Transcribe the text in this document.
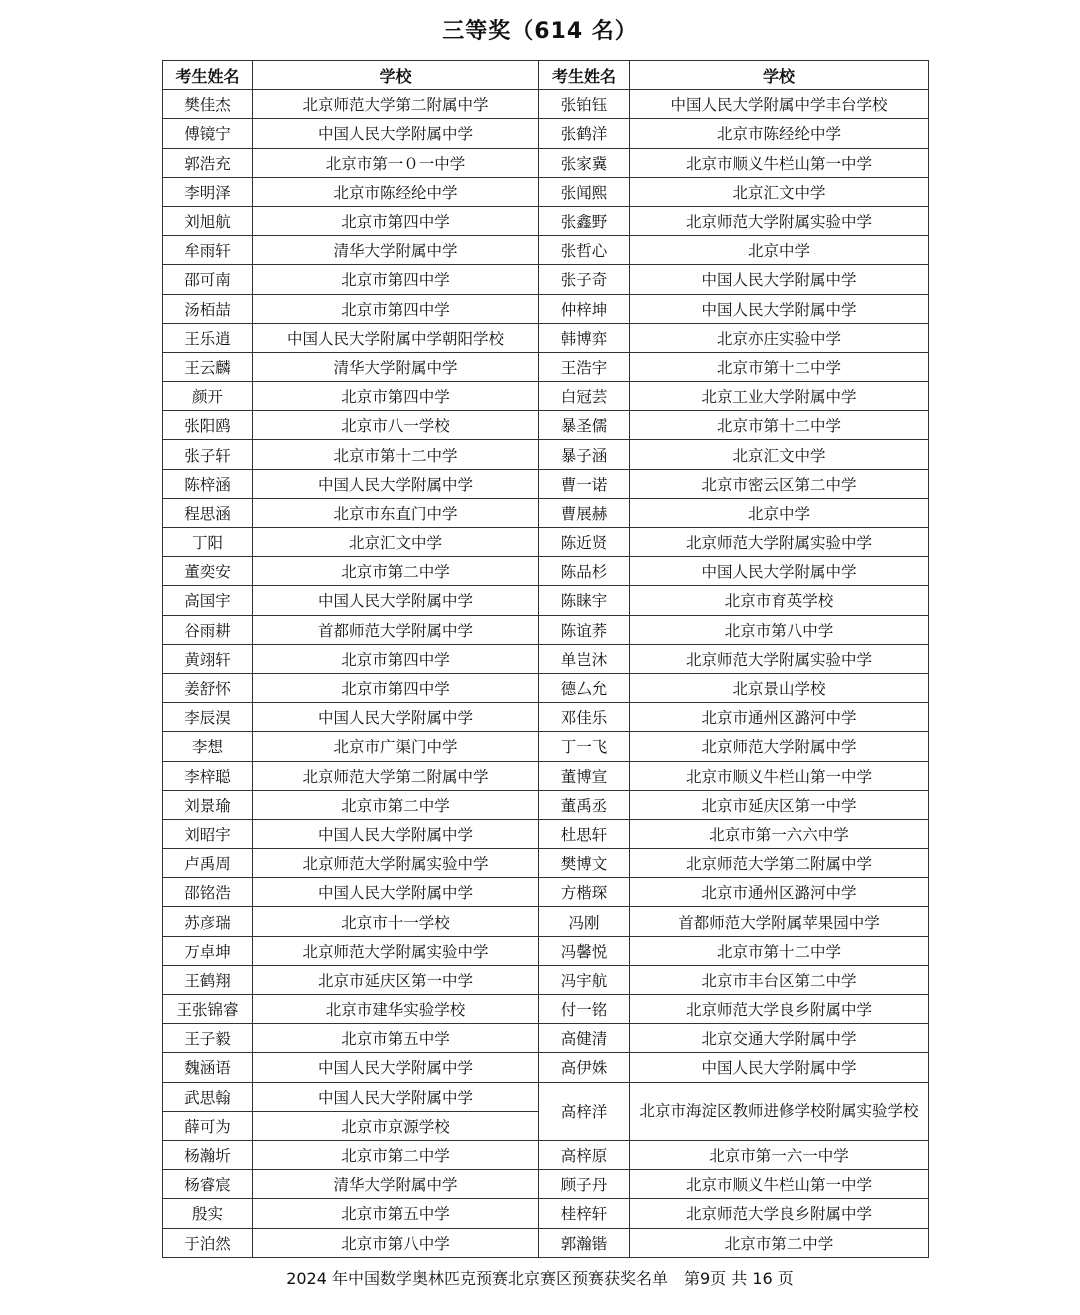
三等奖（614 名）
考生姓名	学校	考生姓名	学校
樊佳杰	北京师范大学第二附属中学	张铂钰	中国人民大学附属中学丰台学校
傅镜宁	中国人民大学附属中学	张鹤洋	北京市陈经纶中学
郭浩充	北京市第一０一中学	张家冀	北京市顺义牛栏山第一中学
李明泽	北京市陈经纶中学	张闻熙	北京汇文中学
刘旭航	北京市第四中学	张鑫野	北京师范大学附属实验中学
牟雨轩	清华大学附属中学	张哲心	北京中学
邵可南	北京市第四中学	张子奇	中国人民大学附属中学
汤栢喆	北京市第四中学	仲梓坤	中国人民大学附属中学
王乐逍	中国人民大学附属中学朝阳学校	韩博弈	北京亦庄实验中学
王云麟	清华大学附属中学	王浩宇	北京市第十二中学
颜开	北京市第四中学	白冠芸	北京工业大学附属中学
张阳鸥	北京市八一学校	暴圣儒	北京市第十二中学
张子轩	北京市第十二中学	暴子涵	北京汇文中学
陈梓涵	中国人民大学附属中学	曹一诺	北京市密云区第二中学
程思涵	北京市东直门中学	曹展赫	北京中学
丁阳	北京汇文中学	陈近贤	北京师范大学附属实验中学
董奕安	北京市第二中学	陈品杉	中国人民大学附属中学
高国宇	中国人民大学附属中学	陈睐宇	北京市育英学校
谷雨耕	首都师范大学附属中学	陈谊荞	北京市第八中学
黄翊轩	北京市第四中学	单岂沐	北京师范大学附属实验中学
姜舒怀	北京市第四中学	德厶允	北京景山学校
李辰淏	中国人民大学附属中学	邓佳乐	北京市通州区潞河中学
李想	北京市广渠门中学	丁一飞	北京师范大学附属中学
李梓聪	北京师范大学第二附属中学	董博宣	北京市顺义牛栏山第一中学
刘景瑜	北京市第二中学	董禹丞	北京市延庆区第一中学
刘昭宇	中国人民大学附属中学	杜思轩	北京市第一六六中学
卢禹周	北京师范大学附属实验中学	樊博文	北京师范大学第二附属中学
邵铭浩	中国人民大学附属中学	方楷琛	北京市通州区潞河中学
苏彦瑞	北京市十一学校	冯刚	首都师范大学附属苹果园中学
万卓坤	北京师范大学附属实验中学	冯馨悦	北京市第十二中学
王鹤翔	北京市延庆区第一中学	冯宇航	北京市丰台区第二中学
王张锦睿	北京市建华实验学校	付一铭	北京师范大学良乡附属中学
王子毅	北京市第五中学	高健清	北京交通大学附属中学
魏涵语	中国人民大学附属中学	高伊姝	中国人民大学附属中学
武思翰	中国人民大学附属中学	高梓洋	北京市海淀区教师进修学校附属实验学校
薛可为	北京市京源学校		
杨瀚圻	北京市第二中学	高梓原	北京市第一六一中学
杨睿宸	清华大学附属中学	顾子丹	北京市顺义牛栏山第一中学
殷实	北京市第五中学	桂梓轩	北京师范大学良乡附属中学
于泊然	北京市第八中学	郭瀚锴	北京市第二中学
2024 年中国数学奥林匹克预赛北京赛区预赛获奖名单　第9页 共 16 页
